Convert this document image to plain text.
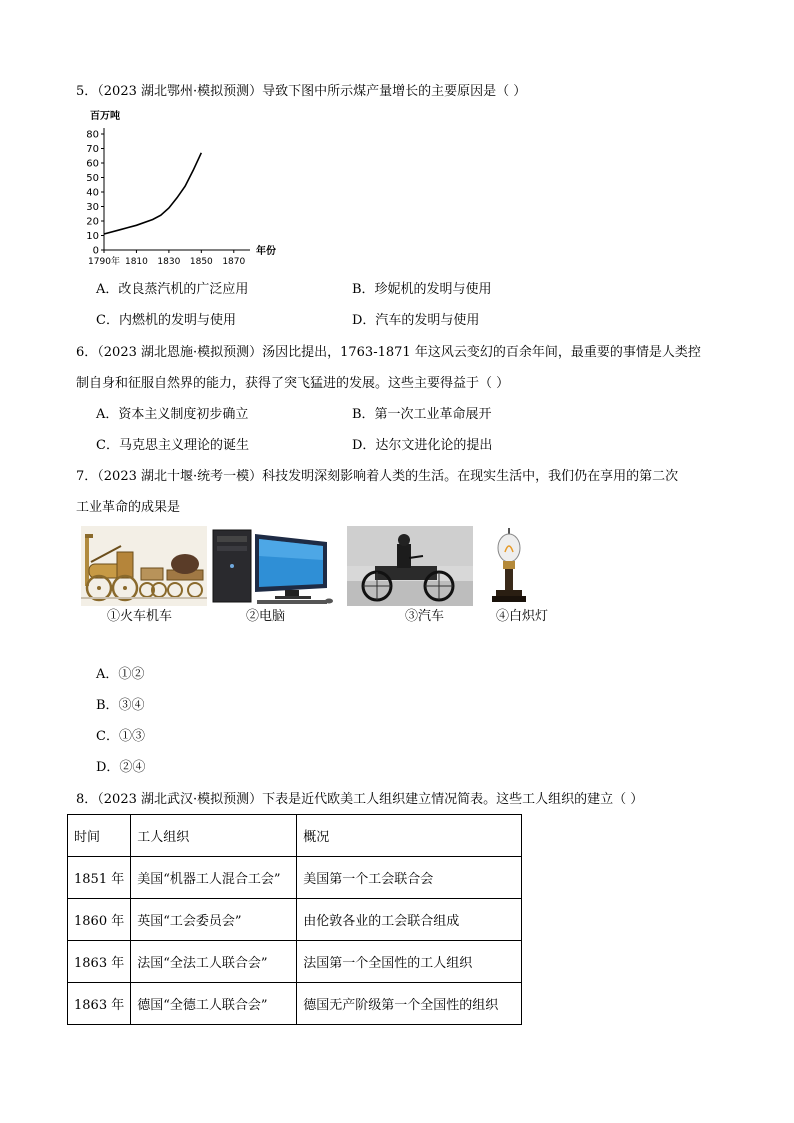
5．（2023 湖北鄂州·模拟预测）导致下图中所示煤产量增长的主要原因是（ ）
百万吨
年份
0
10
20
30
40
50
60
70
80
1790年 1810 1830 1850 1870
A．改良蒸汽机的广泛应用	B．珍妮机的发明与使用
C．内燃机的发明与使用	D．汽车的发明与使用
6．（2023 湖北恩施·模拟预测）汤因比提出，1763-1871 年这风云变幻的百余年间，最重要的事情是人类控
制自身和征服自然界的能力，获得了突飞猛进的发展。这些主要得益于（ ）
A．资本主义制度初步确立	B．第一次工业革命展开
C．马克思主义理论的诞生	D．达尔文进化论的提出
7．（2023 湖北十堰·统考一模）科技发明深刻影响着人类的生活。在现实生活中，我们仍在享用的第二次
工业革命的成果是
①火车机车	②电脑	③汽车	④白炽灯
A．①②
B．③④
C．①③
D．②④
8．（2023 湖北武汉·模拟预测）下表是近代欧美工人组织建立情况简表。这些工人组织的建立（ ）
时间	工人组织	概况
1851 年	美国“机器工人混合工会”	美国第一个工会联合会
1860 年	英国“工会委员会”	由伦敦各业的工会联合组成
1863 年	法国“全法工人联合会”	法国第一个全国性的工人组织
1863 年	德国“全德工人联合会”	德国无产阶级第一个全国性的组织
